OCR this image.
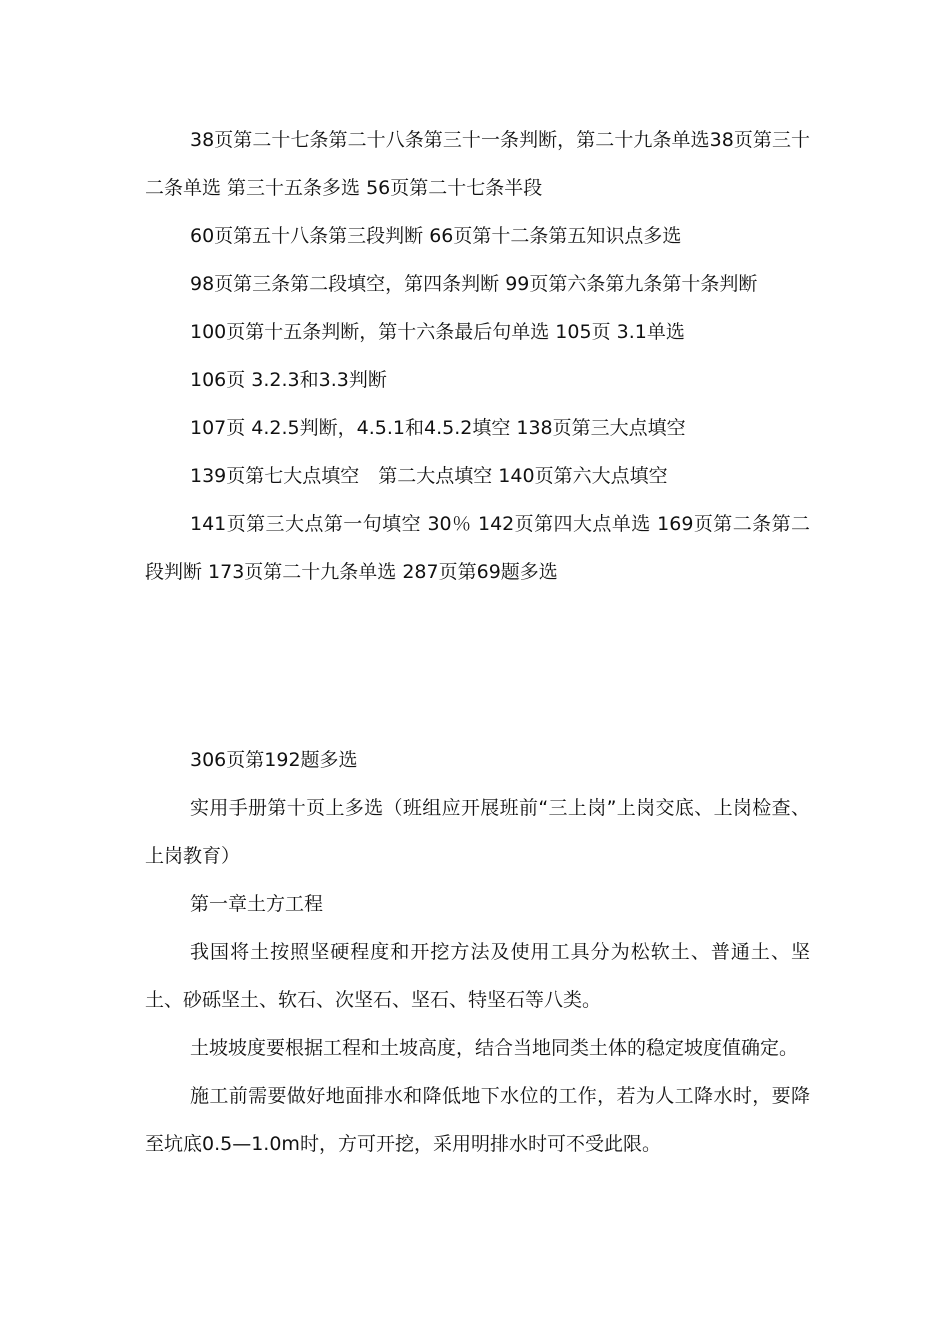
38页第二十七条第二十八条第三十一条判断，第二十九条单选38页第三十二条单选 第三十五条多选 56页第二十七条半段

60页第五十八条第三段判断 66页第十二条第五知识点多选

98页第三条第二段填空，第四条判断 99页第六条第九条第十条判断

100页第十五条判断，第十六条最后句单选 105页 3.1单选

106页 3.2.3和3.3判断

107页 4.2.5判断，4.5.1和4.5.2填空 138页第三大点填空

139页第七大点填空　第二大点填空 140页第六大点填空

141页第三大点第一句填空 30％ 142页第四大点单选 169页第二条第二段判断 173页第二十九条单选 287页第69题多选

306页第192题多选

实用手册第十页上多选（班组应开展班前“三上岗”上岗交底、上岗检查、上岗教育）

第一章土方工程

我国将土按照坚硬程度和开挖方法及使用工具分为松软土、普通土、坚土、砂砾坚土、软石、次坚石、坚石、特坚石等八类。

土坡坡度要根据工程和土坡高度，结合当地同类土体的稳定坡度值确定。

施工前需要做好地面排水和降低地下水位的工作，若为人工降水时，要降至坑底0.5—1.0m时，方可开挖，采用明排水时可不受此限。
